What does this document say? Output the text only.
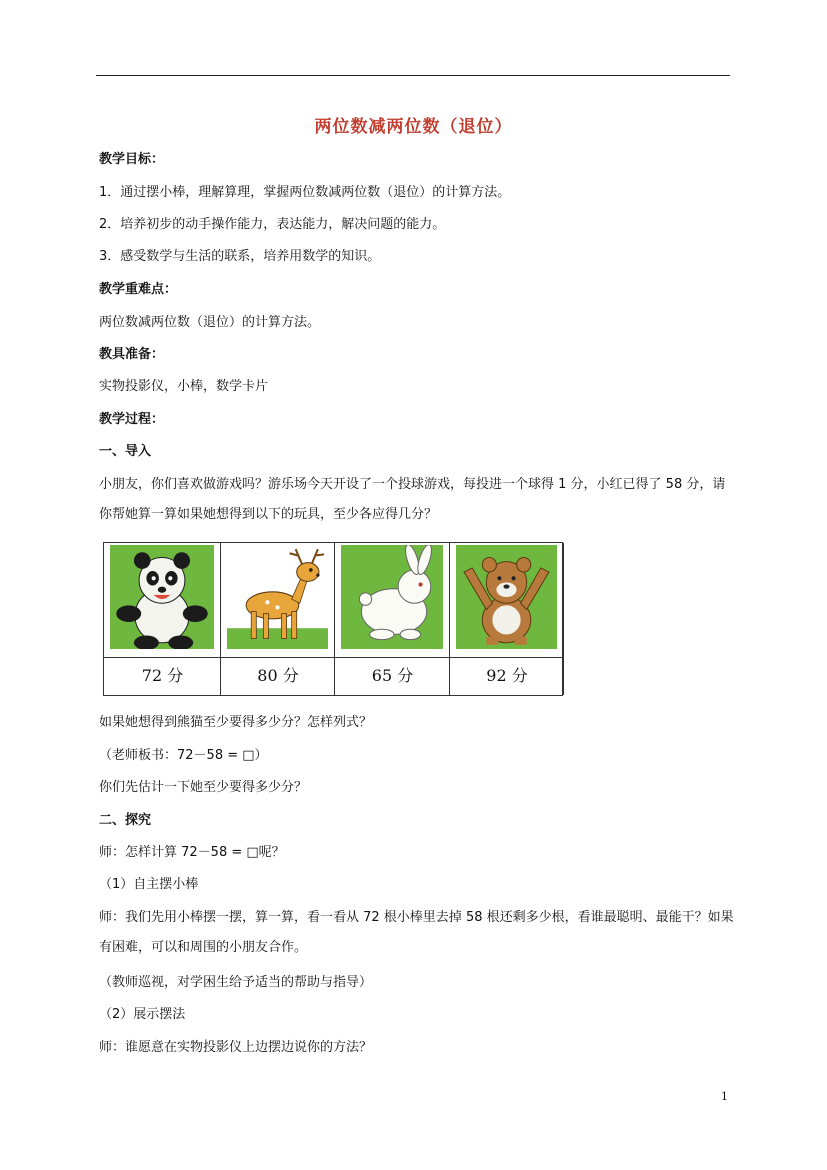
两位数减两位数（退位）
教学目标：
1．通过摆小棒，理解算理，掌握两位数减两位数（退位）的计算方法。
2．培养初步的动手操作能力，表达能力，解决问题的能力。
3．感受数学与生活的联系，培养用数学的知识。
教学重难点：
两位数减两位数（退位）的计算方法。
教具准备：
实物投影仪，小棒，数学卡片
教学过程：
一、导入
小朋友，你们喜欢做游戏吗？游乐场今天开设了一个投球游戏，每投进一个球得 1 分，小红已得了 58 分，请你帮她算一算如果她想得到以下的玩具，至少各应得几分？
72 分	80 分	65 分	92 分
如果她想得到熊猫至少要得多少分？怎样列式？
（老师板书：72－58 = □）
你们先估计一下她至少要得多少分？
二、探究
师：怎样计算 72－58 = □呢？
（1）自主摆小棒
师：我们先用小棒摆一摆，算一算，看一看从 72 根小棒里去掉 58 根还剩多少根，看谁最聪明、最能干？如果有困难，可以和周围的小朋友合作。
（教师巡视，对学困生给予适当的帮助与指导）
（2）展示摆法
师：谁愿意在实物投影仪上边摆边说你的方法？
1
